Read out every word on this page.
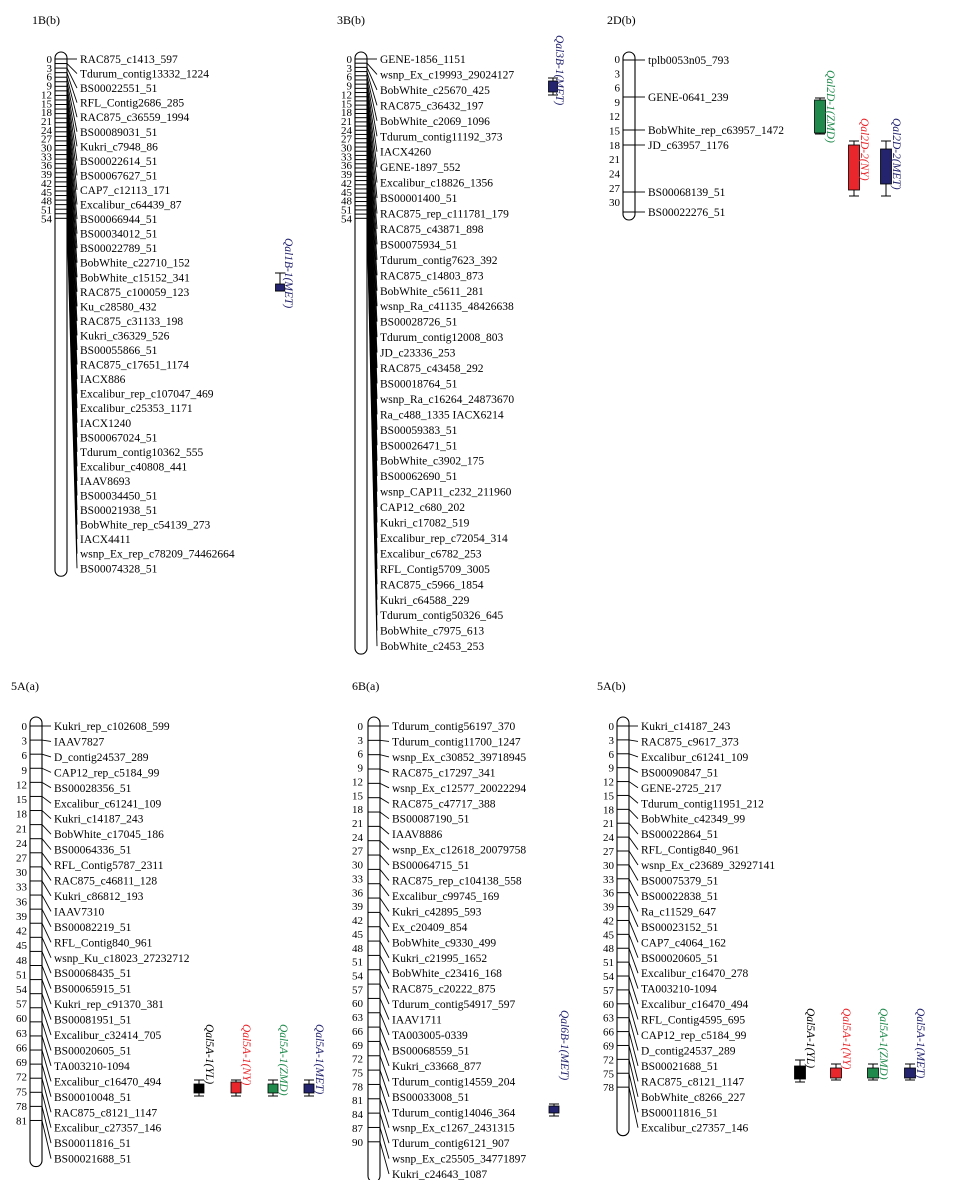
1B(b)
0
3
6
9
12
15
18
21
24
27
30
33
36
39
42
45
48
51
54
RAC875_c1413_597
Tdurum_contig13332_1224
BS00022551_51
RFL_Contig2686_285
RAC875_c36559_1994
BS00089031_51
Kukri_c7948_86
BS00022614_51
BS00067627_51
CAP7_c12113_171
Excalibur_c64439_87
BS00066944_51
BS00034012_51
BS00022789_51
BobWhite_c22710_152
BobWhite_c15152_341
RAC875_c100059_123
Ku_c28580_432
RAC875_c31133_198
Kukri_c36329_526
BS00055866_51
RAC875_c17651_1174
IACX886
Excalibur_rep_c107047_469
Excalibur_c25353_1171
IACX1240
BS00067024_51
Tdurum_contig10362_555
Excalibur_c40808_441
IAAV8693
BS00034450_51
BS00021938_51
BobWhite_rep_c54139_273
IACX4411
wsnp_Ex_rep_c78209_74462664
BS00074328_51
Qal1B-1(MET)
3B(b)
0
3
6
9
12
15
18
21
24
27
30
33
36
39
42
45
48
51
54
GENE-1856_1151
wsnp_Ex_c19993_29024127
BobWhite_c25670_425
RAC875_c36432_197
BobWhite_c2069_1096
Tdurum_contig11192_373
IACX4260
GENE-1897_552
Excalibur_c18826_1356
BS00001400_51
RAC875_rep_c111781_179
RAC875_c43871_898
BS00075934_51
Tdurum_contig7623_392
RAC875_c14803_873
BobWhite_c5611_281
wsnp_Ra_c41135_48426638
BS00028726_51
Tdurum_contig12008_803
JD_c23336_253
RAC875_c43458_292
BS00018764_51
wsnp_Ra_c16264_24873670
Ra_c488_1335 IACX6214
BS00059383_51
BS00026471_51
BobWhite_c3902_175
BS00062690_51
wsnp_CAP11_c232_211960
CAP12_c680_202
Kukri_c17082_519
Excalibur_rep_c72054_314
Excalibur_c6782_253
RFL_Contig5709_3005
RAC875_c5966_1854
Kukri_c64588_229
Tdurum_contig50326_645
BobWhite_c7975_613
BobWhite_c2453_253
Qal3B-1(MET)
2D(b)
0
3
6
9
12
15
18
21
24
27
30
tplb0053n05_793
GENE-0641_239
BobWhite_rep_c63957_1472
JD_c63957_1176
BS00068139_51
BS00022276_51
Qal2D-1(ZMD)
Qal2D-2(NY) Qal2D-2(MET)
5A(a)
0
3
6
9
12
15
18
21
24
27
30
33
36
39
42
45
48
51
54
57
60
63
66
69
72
75
78
81
Kukri_rep_c102608_599
IAAV7827
D_contig24537_289
CAP12_rep_c5184_99
BS00028356_51
Excalibur_c61241_109
Kukri_c14187_243
BobWhite_c17045_186
BS00064336_51
RFL_Contig5787_2311
RAC875_c46811_128
Kukri_c86812_193
IAAV7310
BS00082219_51
RFL_Contig840_961
wsnp_Ku_c18023_27232712
BS00068435_51
BS00065915_51
Kukri_rep_c91370_381
BS00081951_51
Excalibur_c32414_705
BS00020605_51
TA003210-1094
Excalibur_c16470_494
BS00010048_51
RAC875_c8121_1147
Excalibur_c27357_146
BS00011816_51
BS00021688_51
Qal5A-1(YL) Qal5A-1(NY) Qal5A-1(ZMD) Qal5A-1(MET)
6B(a)
0
3
6
9
12
15
18
21
24
27
30
33
36
39
42
45
48
51
54
57
60
63
66
69
72
75
78
81
84
87
90
Tdurum_contig56197_370
Tdurum_contig11700_1247
wsnp_Ex_c30852_39718945
RAC875_c17297_341
wsnp_Ex_c12577_20022294
RAC875_c47717_388
BS00087190_51
IAAV8886
wsnp_Ex_c12618_20079758
BS00064715_51
RAC875_rep_c104138_558
Excalibur_c99745_169
Kukri_c42895_593
Ex_c20409_854
BobWhite_c9330_499
Kukri_c21995_1652
BobWhite_c23416_168
RAC875_c20222_875
Tdurum_contig54917_597
IAAV1711
TA003005-0339
BS00068559_51
Kukri_c33668_877
Tdurum_contig14559_204
BS00033008_51
Tdurum_contig14046_364
wsnp_Ex_c1267_2431315
Tdurum_contig6121_907
wsnp_Ex_c25505_34771897
Kukri_c24643_1087
Qal6B-1(MET)
5A(b)
0
3
6
9
12
15
18
21
24
27
30
33
36
39
42
45
48
51
54
57
60
63
66
69
72
75
78
Kukri_c14187_243
RAC875_c9617_373
Excalibur_c61241_109
BS00090847_51
GENE-2725_217
Tdurum_contig11951_212
BobWhite_c42349_99
BS00022864_51
RFL_Contig840_961
wsnp_Ex_c23689_32927141
BS00075379_51
BS00022838_51
Ra_c11529_647
BS00023152_51
CAP7_c4064_162
BS00020605_51
Excalibur_c16470_278
TA003210-1094
Excalibur_c16470_494
RFL_Contig4595_695
CAP12_rep_c5184_99
D_contig24537_289
BS00021688_51
RAC875_c8121_1147
BobWhite_c8266_227
BS00011816_51
Excalibur_c27357_146
Qal5A-1(YL) Qal5A-1(NY) Qal5A-1(ZMD) Qal5A-1(MET)
